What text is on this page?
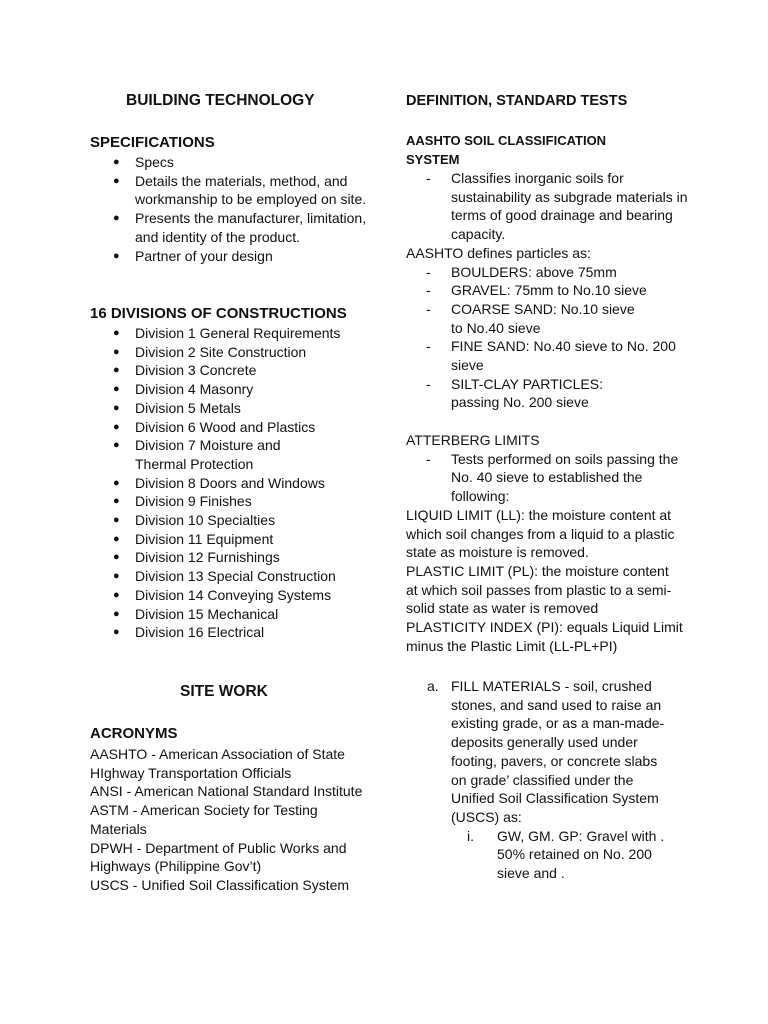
BUILDING TECHNOLOGY
SPECIFICATIONS
● Specs
● Details the materials, method, and workmanship to be employed on site.
● Presents the manufacturer, limitation, and identity of the product.
● Partner of your design
16 DIVISIONS OF CONSTRUCTIONS
● Division 1 General Requirements
● Division 2 Site Construction
● Division 3 Concrete
● Division 4 Masonry
● Division 5 Metals
● Division 6 Wood and Plastics
● Division 7 Moisture and Thermal Protection
● Division 8 Doors and Windows
● Division 9 Finishes
● Division 10 Specialties
● Division 11 Equipment
● Division 12 Furnishings
● Division 13 Special Construction
● Division 14 Conveying Systems
● Division 15 Mechanical
● Division 16 Electrical
SITE WORK
ACRONYMS

AASHTO - American Association of State HIghway Transportation Officials

ANSI - American National Standard Institute

ASTM - American Society for Testing Materials

DPWH - Department of Public Works and Highways (Philippine Gov’t)

USCS - Unified Soil Classification System

DEFINITION, STANDARD TESTS
AASHTO SOIL CLASSIFICATION SYSTEM
- Classifies inorganic soils for sustainability as subgrade materials in terms of good drainage and bearing capacity.

AASHTO defines particles as:

- BOULDERS: above 75mm
- GRAVEL: 75mm to No.10 sieve
- COARSE SAND: No.10 sieve to No.40 sieve
- FINE SAND: No.40 sieve to No. 200 sieve
- SILT-CLAY PARTICLES: passing No. 200 sieve

ATTERBERG LIMITS

- Tests performed on soils passing the No. 40 sieve to established the following:

LIQUID LIMIT (LL): the moisture content at which soil changes from a liquid to a plastic state as moisture is removed.

PLASTIC LIMIT (PL): the moisture content at which soil passes from plastic to a semi-solid state as water is removed

PLASTICITY INDEX (PI): equals Liquid Limit minus the Plastic Limit (LL-PL+PI)

a. FILL MATERIALS - soil, crushed stones, and sand used to raise an existing grade, or as a man-made-deposits generally used under footing, pavers, or concrete slabs on grade’ classified under the Unified Soil Classification System (USCS) as:
i. GW, GM. GP: Gravel with . 50% retained on No. 200 sieve and .
